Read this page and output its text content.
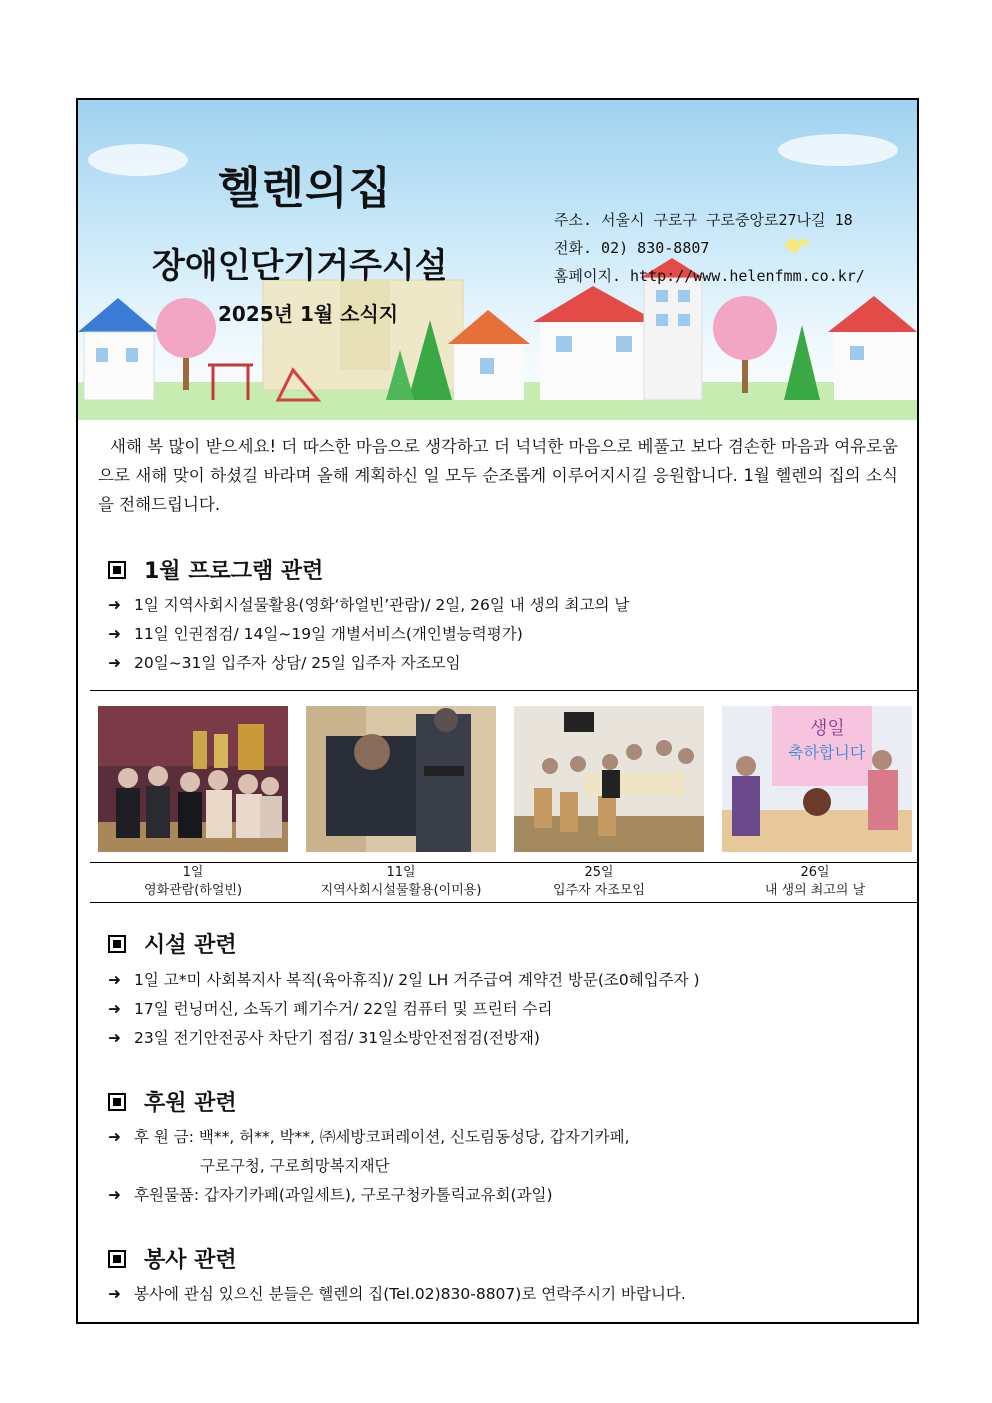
헬렌의집
장애인단기거주시설
2025년 1월 소식지
주소. 서울시 구로구 구로중앙로27나길 18
전화. 02) 830-8807
홈페이지. http://www.helenfmm.co.kr/
새해 복 많이 받으세요! 더 따스한 마음으로 생각하고 더 넉넉한 마음으로 베풀고 보다 겸손한 마음과 여유로움으로 새해 맞이 하셨길 바라며 올해 계획하신 일 모두 순조롭게 이루어지시길 응원합니다. 1월 헬렌의 집의 소식을 전해드립니다.
1월 프로그램 관련
➜ 1일 지역사회시설물활용(영화‘하얼빈’관람)/ 2일, 26일 내 생의 최고의 날
➜ 11일 인권점검/ 14일~19일 개별서비스(개인별능력평가)
➜ 20일~31일 입주자 상담/ 25일 입주자 자조모임
생일
축하합니다
1일
영화관람(하얼빈)
11일
지역사회시설물활용(이미용)
25일
입주자 자조모임
26일
내 생의 최고의 날
시설 관련
➜ 1일 고*미 사회복지사 복직(육아휴직)/ 2일 LH 거주급여 계약건 방문(조0혜입주자 )
➜ 17일 런닝머신, 소독기 폐기수거/ 22일 컴퓨터 및 프린터 수리
➜ 23일 전기안전공사 차단기 점검/ 31일소방안전점검(전방재)
후원 관련
➜ 후 원 금: 백**, 허**, 박**, ㈜세방코퍼레이션, 신도림동성당, 갑자기카페,
구로구청, 구로희망복지재단
➜ 후원물품: 갑자기카페(과일세트), 구로구청카톨릭교유회(과일)
봉사 관련
➜ 봉사에 관심 있으신 분들은 헬렌의 집(Tel.02)830-8807)로 연락주시기 바랍니다.
